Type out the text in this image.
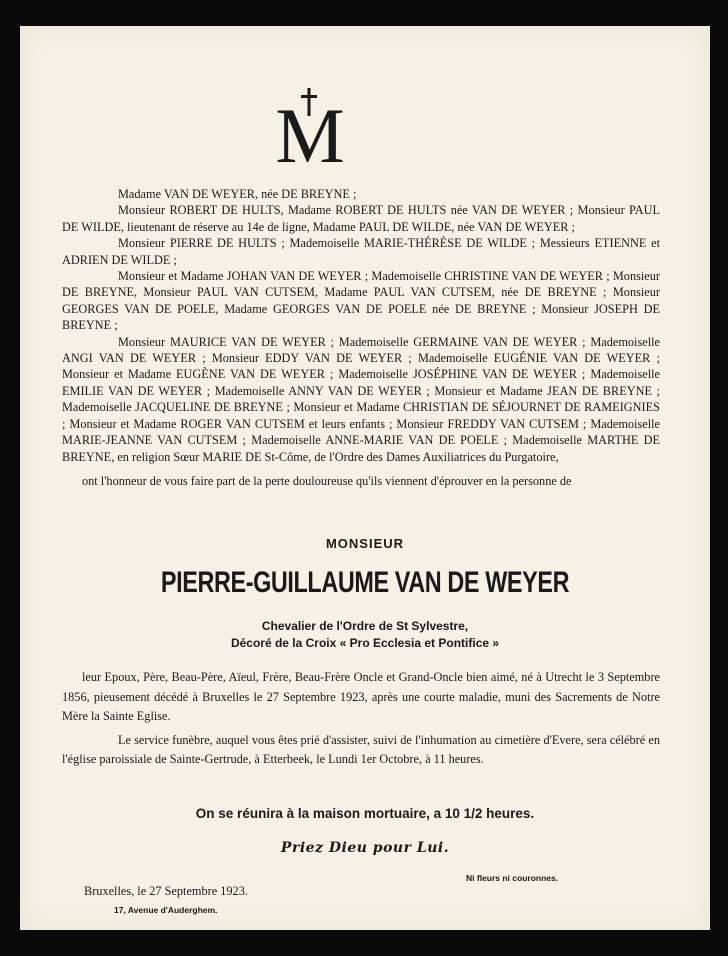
M

Madame VAN DE WEYER, née DE BREYNE ;

Monsieur ROBERT DE HULTS, Madame ROBERT DE HULTS née VAN DE WEYER ; Monsieur PAUL DE WILDE, lieutenant de réserve au 14e de ligne, Madame PAUL DE WILDE, née VAN DE WEYER ;

Monsieur PIERRE DE HULTS ; Mademoiselle MARIE-THÉRÈSE DE WILDE ; Messieurs ETIENNE et ADRIEN DE WILDE ;

Monsieur et Madame JOHAN VAN DE WEYER ; Mademoiselle CHRISTINE VAN DE WEYER ; Monsieur DE BREYNE, Monsieur PAUL VAN CUTSEM, Madame PAUL VAN CUTSEM, née DE BREYNE ; Monsieur GEORGES VAN DE POELE, Madame GEORGES VAN DE POELE née DE BREYNE ; Monsieur JOSEPH DE BREYNE ;

Monsieur MAURICE VAN DE WEYER ; Mademoiselle GERMAINE VAN DE WEYER ; Mademoiselle ANGI VAN DE WEYER ; Monsieur EDDY VAN DE WEYER ; Mademoiselle EUGÉNIE VAN DE WEYER ; Monsieur et Madame EUGÈNE VAN DE WEYER ; Mademoiselle JOSÉPHINE VAN DE WEYER ; Mademoiselle EMILIE VAN DE WEYER ; Mademoiselle ANNY VAN DE WEYER ; Monsieur et Madame JEAN DE BREYNE ; Mademoiselle JACQUELINE DE BREYNE ; Monsieur et Madame CHRISTIAN DE SÉJOURNET DE RAMEIGNIES ; Monsieur et Madame ROGER VAN CUTSEM et leurs enfants ; Monsieur FREDDY VAN CUTSEM ; Mademoiselle MARIE-JEANNE VAN CUTSEM ; Mademoiselle ANNE-MARIE VAN DE POELE ; Mademoiselle MARTHE DE BREYNE, en religion Sœur MARIE DE St-Côme, de l'Ordre des Dames Auxiliatrices du Purgatoire,

ont l'honneur de vous faire part de la perte douloureuse qu'ils viennent d'éprouver en la personne de

MONSIEUR
PIERRE-GUILLAUME VAN DE WEYER
Chevalier de l'Ordre de St Sylvestre,
Décoré de la Croix « Pro Ecclesia et Pontifice »

leur Epoux, Père, Beau-Père, Aïeul, Frère, Beau-Frère Oncle et Grand-Oncle bien aimé, né à Utrecht le 3 Septembre 1856, pieusement décédé à Bruxelles le 27 Septembre 1923, après une courte maladie, muni des Sacrements de Notre Mère la Sainte Eglise.

Le service funèbre, auquel vous êtes prié d'assister, suivi de l'inhumation au cimetière d'Evere, sera célébré en l'église paroissiale de Sainte-Gertrude, à Etterbeek, le Lundi 1er Octobre, à 11 heures.

On se réunira à la maison mortuaire, a 10 1/2 heures.
Priez Dieu pour Lui.
Ni fleurs ni couronnes.
Bruxelles, le 27 Septembre 1923.
17, Avenue d'Auderghem.
